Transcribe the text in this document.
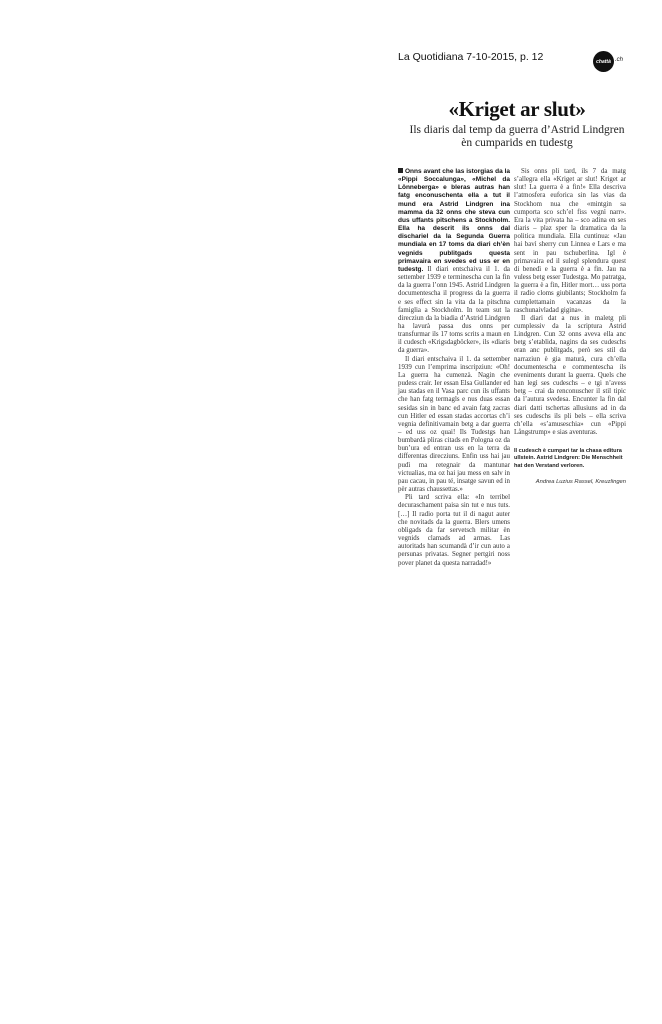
La Quotidiana 7-10-2015, p. 12	chattà .ch
«Kriget ar slut»
Ils diaris dal temp da guerra d’Astrid Lindgren
èn cumparids en tudestg

Onns avant che las istorgias da la «Pippi Soccalunga», «Michel da Lönneberga» e bleras autras han fatg enconuschenta ella a tut il mund era Astrid Lindgren ina mamma da 32 onns che steva cun dus uffants pitschens a Stockholm. Ella ha descrit ils onns dal dischariel da la Segunda Guerra mundiala en 17 toms da diari ch’èn vegnids publitgads questa primavaira en svedes ed uss er en tudestg. Il diari entschaiva il 1. da settember 1939 e terminescha cun la fin da la guerra l’onn 1945. Astrid Lindgren documentescha il progress da la guerra e ses effect sin la vita da la pitschna famiglia a Stockholm. In team sut la direcziun da la biadia d’Astrid Lindgren ha lavurà passa dus onns per transfurmar ils 17 toms scrits a maun en il cudesch «Krigsdagböcker», ils «diaris da guerra».

Il diari entschaiva il 1. da settember 1939 cun l’emprima inscripziun: «Oh! La guerra ha cumenzà. Nagin che pudess crair. Ier essan Elsa Gullander ed jau stadas en il Vasa parc cun ils uffants che han fatg termagls e nus duas essan sesidas sin in banc ed avain fatg zacras cun Hitler ed essan stadas accortas ch’i vegnia definitivamain betg a dar guerra – ed uss oz quai! Ils Tudestgs han bumbardà pliras citads en Pologna oz da bun’ura ed entran uss en la terra da differentas direcziuns. Enfin uss hai jau pudì ma retegnair da mantunar victualias, ma oz hai jau mess en salv in pau cacau, in pau té, insatge savun ed in pèr autras chaussettas.»

Pli tard scriva ella: «In terribel decuraschament paisa sin tut e nus tuts. […] Il radio porta tut il di nagut auter che novitads da la guerra. Blers umens obligads da far servetsch militar èn vegnids clamads ad armas. Las autoritads han scumandà d’ir cun auto a persunas privatas. Segner pertgiri noss pover planet da questa narradad!»

Sis onns pli tard, ils 7 da matg s’allegra ella «Kriget ar slut! Kriget ar slut! La guerra è a fin!» Ella descriva l’atmosfera euforica sin las vias da Stockhom nua che «mintgin sa cumporta sco sch’el fiss vegnì narr». Era la vita privata ha – sco adina en ses diaris – plaz sper la dramatica da la politica mundiala. Ella cuntinua: «Jau hai bavì sherry cun Linnea e Lars e ma sent in pau tschuberlina. Igl è primavaira ed il sulegl splendura quest di benedì e la guerra è a fin. Jau na vuless betg esser Tudestga. Mo patratga, la guerra è a fin, Hitler mort… uss porta il radio cloms giubilants; Stockholm fa cumplettamain vacanzas da la raschunaivladad gigina».

Il diari dat a nus in maletg pli cumplessiv da la scriptura Astrid Lindgren. Cun 32 onns aveva ella anc betg s’etablida, nagins da ses cudeschs eran anc publitgads, però ses stil da narraziun è gia maturà, cura ch’ella documentescha e commentescha ils eveniments durant la guerra. Quels che han legì ses cudeschs – e tgi n’avess betg – crai da renconuscher il stil tipic da l’autura svedesa. Encunter la fin dal diari datti tschertas allusiuns ad in da ses cudeschs ils pli bels – ella scriva ch’ella «s’amuseschia» cun «Pippi Långstrump» e sias aventuras.

Il cudesch è cumpari tar la chasa editura ullstein. Astrid Lindgren: Die Menschheit hat den Verstand verloren.

Andrea Luzius Rassel, Kreuzlingen
